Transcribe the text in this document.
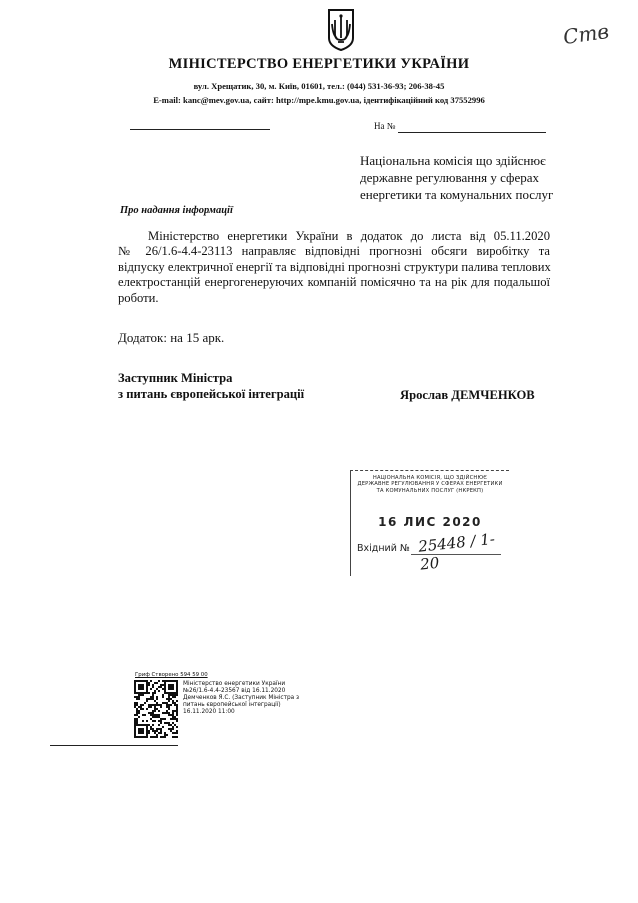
Ств
МІНІСТЕРСТВО ЕНЕРГЕТИКИ УКРАЇНИ
вул. Хрещатик, 30, м. Київ, 01601, тел.: (044) 531-36-93; 206-38-45
E-mail: kanc@mev.gov.ua, сайт: http://mpe.kmu.gov.ua, ідентифікаційний код 37552996
На №
Національна комісія що здійснює
державне регулювання у сферах
енергетики та комунальних послуг
Про надання інформації
Міністерство енергетики України в додаток до листа від 05.11.2020
№ 26/1.6-4.4-23113 направляє відповідні прогнозні обсяги виробітку та
відпуску електричної енергії та відповідні прогнозні структури палива теплових
електростанцій енергогенеруючих компаній помісячно та на рік для подальшої
роботи.
Додаток: на 15 арк.
Заступник Міністра
з питань європейської інтеграції	Ярослав ДЕМЧЕНКОВ
НАЦІОНАЛЬНА КОМІСІЯ, ЩО ЗДІЙСНЮЄ
ДЕРЖАВНЕ РЕГУЛЮВАННЯ У СФЕРАХ ЕНЕРГЕТИКИ
ТА КОМУНАЛЬНИХ ПОСЛУГ (НКРЕКП)
16 ЛИС 2020
Вхідний № 25448 / 1-20
Гриф Створено 594 59 00
Міністерство енергетики України
№26/1.6-4.4-23567 від 16.11.2020
Демченков Я.С. (Заступник Міністра з
питань європейської інтеграції)
16.11.2020 11:00
